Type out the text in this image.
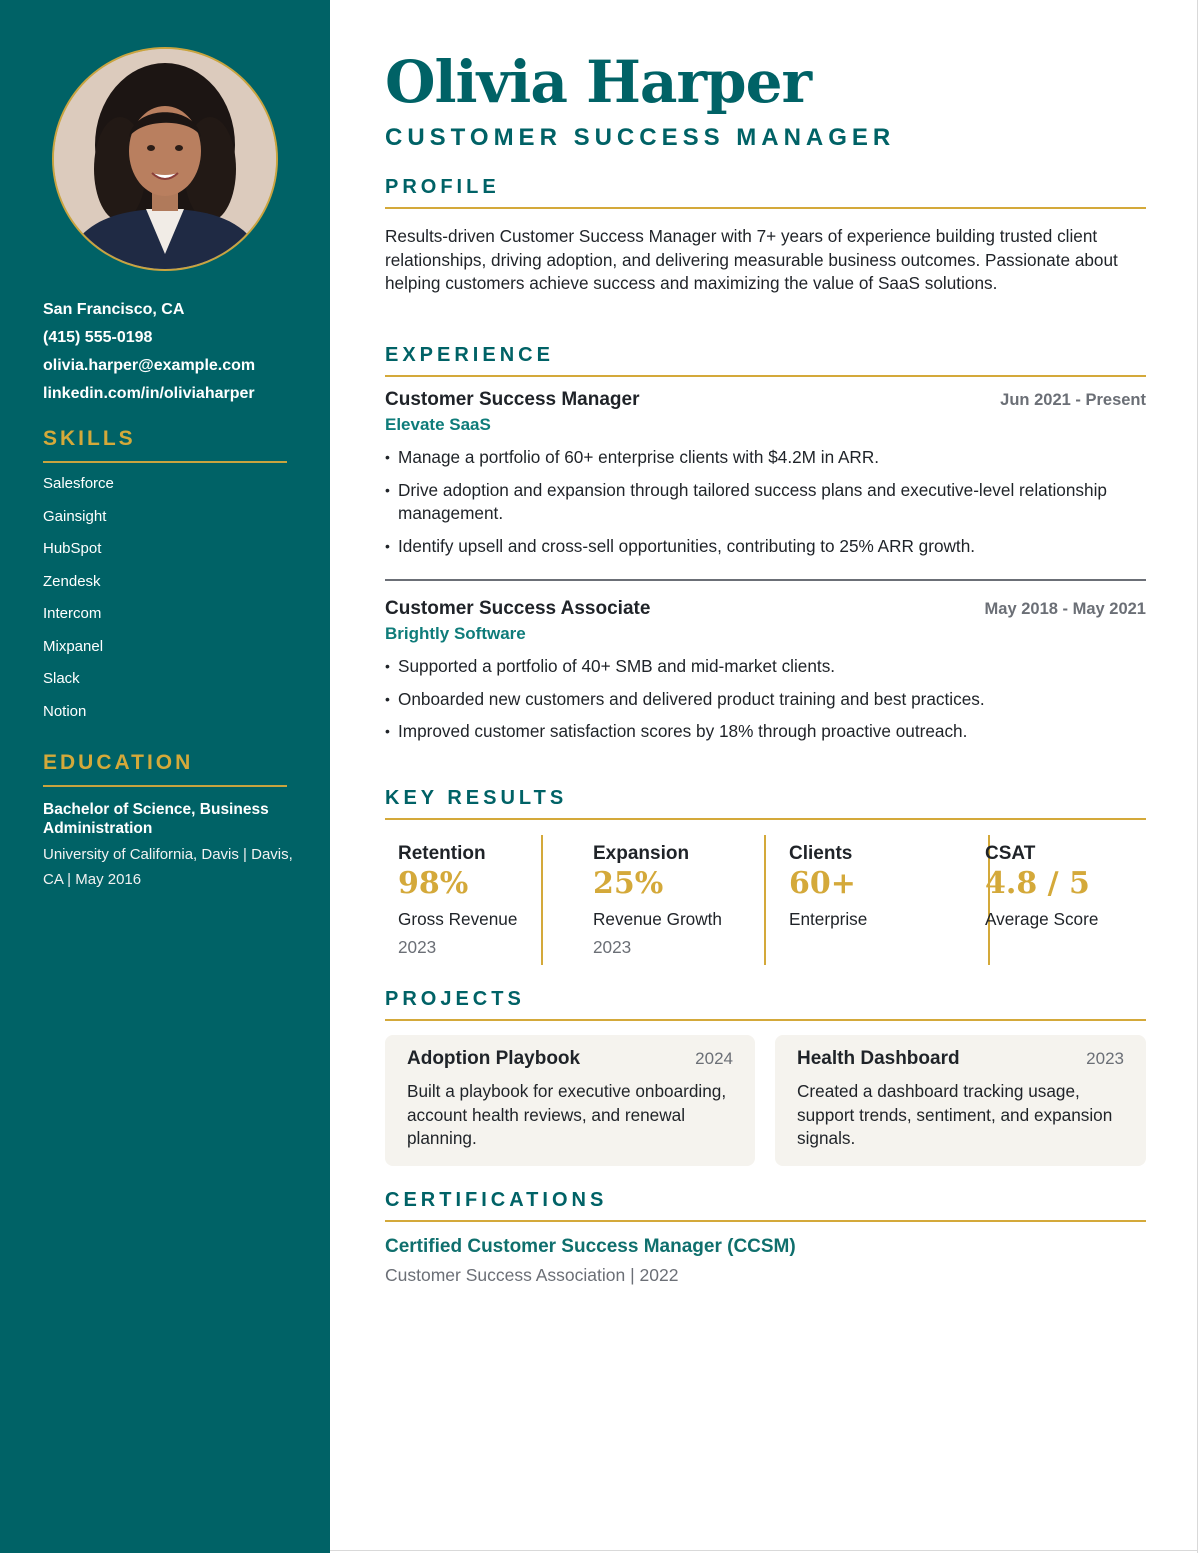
San Francisco, CA
(415) 555-0198
olivia.harper@example.com
linkedin.com/in/oliviaharper
SKILLS
Salesforce
Gainsight
HubSpot
Zendesk
Intercom
Mixpanel
Slack
Notion
EDUCATION
Bachelor of Science, Business Administration
University of California, Davis | Davis, CA | May 2016
Olivia Harper
CUSTOMER SUCCESS MANAGER
PROFILE
Results-driven Customer Success Manager with 7+ years of experience building trusted client relationships, driving adoption, and delivering measurable business outcomes. Passionate about helping customers achieve success and maximizing the value of SaaS solutions.
EXPERIENCE
Customer Success Manager	Jun 2021 - Present
Elevate SaaS
• Manage a portfolio of 60+ enterprise clients with $4.2M in ARR.
• Drive adoption and expansion through tailored success plans and executive-level relationship management.
• Identify upsell and cross-sell opportunities, contributing to 25% ARR growth.
Customer Success Associate	May 2018 - May 2021
Brightly Software
• Supported a portfolio of 40+ SMB and mid-market clients.
• Onboarded new customers and delivered product training and best practices.
• Improved customer satisfaction scores by 18% through proactive outreach.
KEY RESULTS
Retention
98%
Gross Revenue
2023
Expansion
25%
Revenue Growth
2023
Clients
60+
Enterprise
CSAT
4.8 / 5
Average Score
PROJECTS
Adoption Playbook	2024
Built a playbook for executive onboarding, account health reviews, and renewal planning.
Health Dashboard	2023
Created a dashboard tracking usage, support trends, sentiment, and expansion signals.
CERTIFICATIONS
Certified Customer Success Manager (CCSM)
Customer Success Association | 2022
